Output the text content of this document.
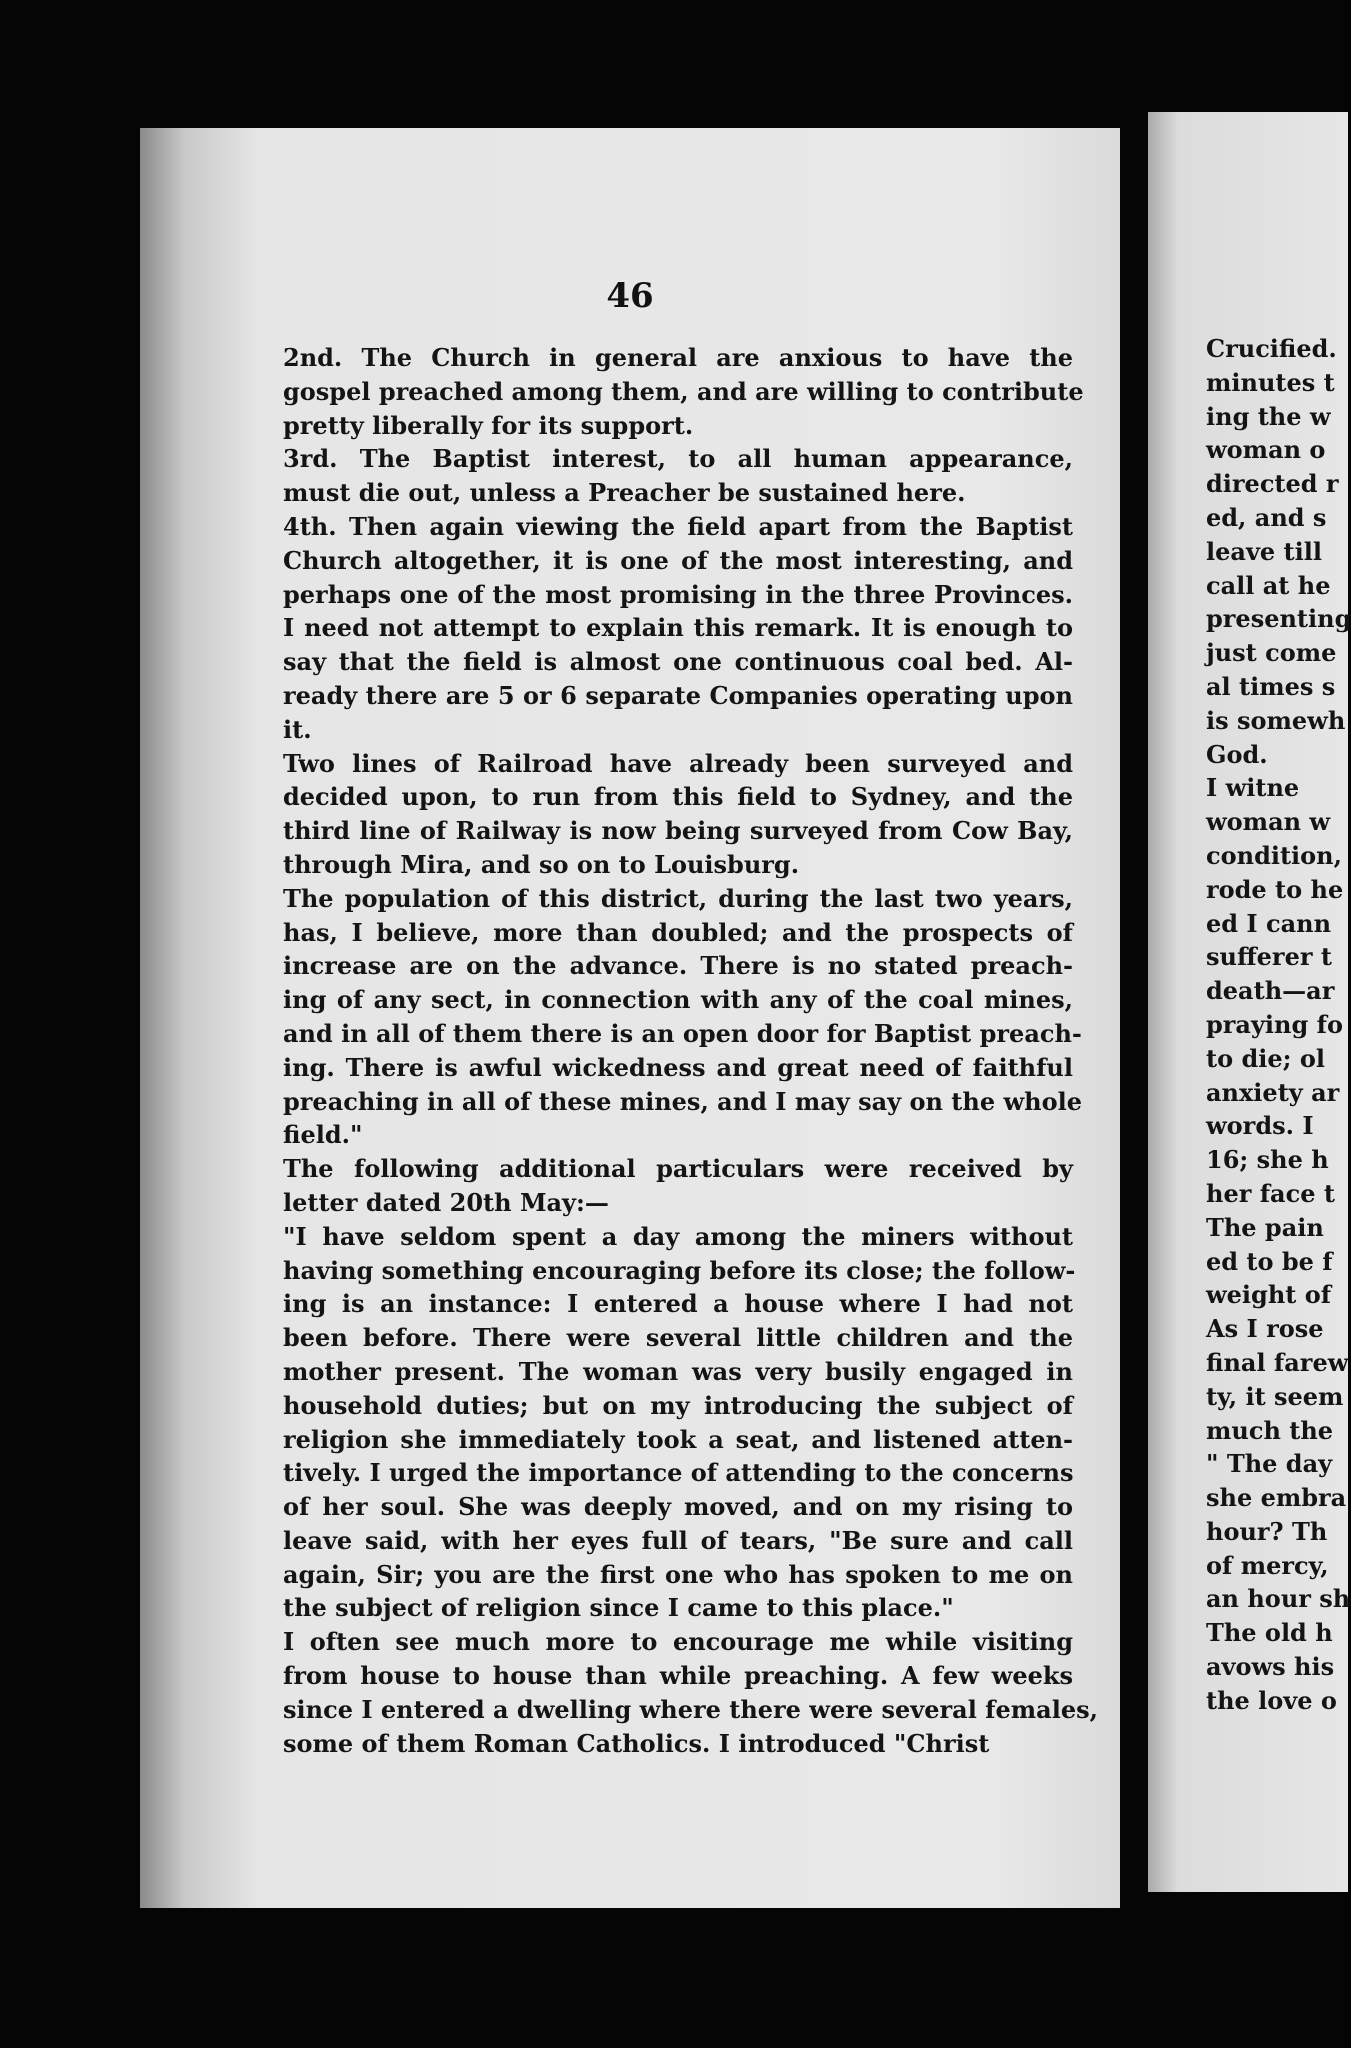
46
2nd. The Church in general are anxious to have the
gospel preached among them, and are willing to contribute
pretty liberally for its support.
3rd. The Baptist interest, to all human appearance,
must die out, unless a Preacher be sustained here.
4th. Then again viewing the field apart from the Baptist
Church altogether, it is one of the most interesting, and
perhaps one of the most promising in the three Provinces.
I need not attempt to explain this remark. It is enough to
say that the field is almost one continuous coal bed. Al-
ready there are 5 or 6 separate Companies operating upon
it.
Two lines of Railroad have already been surveyed and
decided upon, to run from this field to Sydney, and the
third line of Railway is now being surveyed from Cow Bay,
through Mira, and so on to Louisburg.
The population of this district, during the last two years,
has, I believe, more than doubled; and the prospects of
increase are on the advance. There is no stated preach-
ing of any sect, in connection with any of the coal mines,
and in all of them there is an open door for Baptist preach-
ing. There is awful wickedness and great need of faithful
preaching in all of these mines, and I may say on the whole
field."
The following additional particulars were received by
letter dated 20th May:—
"I have seldom spent a day among the miners without
having something encouraging before its close; the follow-
ing is an instance: I entered a house where I had not
been before. There were several little children and the
mother present. The woman was very busily engaged in
household duties; but on my introducing the subject of
religion she immediately took a seat, and listened atten-
tively. I urged the importance of attending to the concerns
of her soul. She was deeply moved, and on my rising to
leave said, with her eyes full of tears, "Be sure and call
again, Sir; you are the first one who has spoken to me on
the subject of religion since I came to this place."
I often see much more to encourage me while visiting
from house to house than while preaching. A few weeks
since I entered a dwelling where there were several females,
some of them Roman Catholics. I introduced "Christ
Crucified.
minutes t
ing the w
woman o
directed r
ed, and s
leave till
call at he
presenting
just come
al times s
is somewh
God.
I witne
woman w
condition,
rode to he
ed I cann
sufferer t
death—ar
praying fo
to die; ol
anxiety ar
words. I
16; she h
her face t
The pain
ed to be f
weight of
As I rose
final farew
ty, it seem
much the
" The day
she embra
hour? Th
of mercy,
an hour sh
The old h
avows his
the love o
